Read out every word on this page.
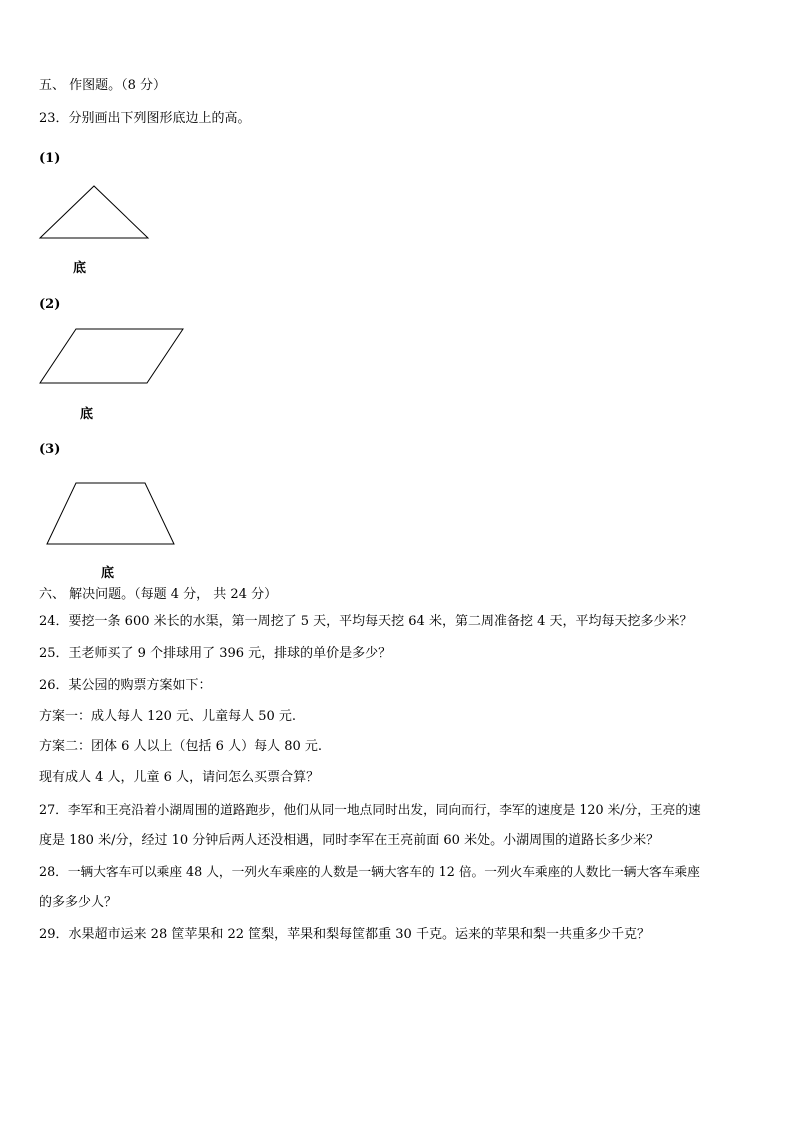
五、 作图题。（8 分）
23．分别画出下列图形底边上的高。
(1)
底
(2)
底
(3)
底
六、 解决问题。（每题 4 分， 共 24 分）
24．要挖一条 600 米长的水渠，第一周挖了 5 天，平均每天挖 64 米，第二周准备挖 4 天，平均每天挖多少米？
25．王老师买了 9 个排球用了 396 元，排球的单价是多少？
26．某公园的购票方案如下：
方案一：成人每人 120 元、儿童每人 50 元.
方案二：团体 6 人以上（包括 6 人）每人 80 元.
现有成人 4 人，儿童 6 人，请问怎么买票合算？
27．李军和王亮沿着小湖周围的道路跑步，他们从同一地点同时出发，同向而行，李军的速度是 120 米/分，王亮的速
度是 180 米/分，经过 10 分钟后两人还没相遇，同时李军在王亮前面 60 米处。小湖周围的道路长多少米？
28．一辆大客车可以乘座 48 人，一列火车乘座的人数是一辆大客车的 12 倍。一列火车乘座的人数比一辆大客车乘座
的多多少人？
29．水果超市运来 28 筐苹果和 22 筐梨，苹果和梨每筐都重 30 千克。运来的苹果和梨一共重多少千克？
